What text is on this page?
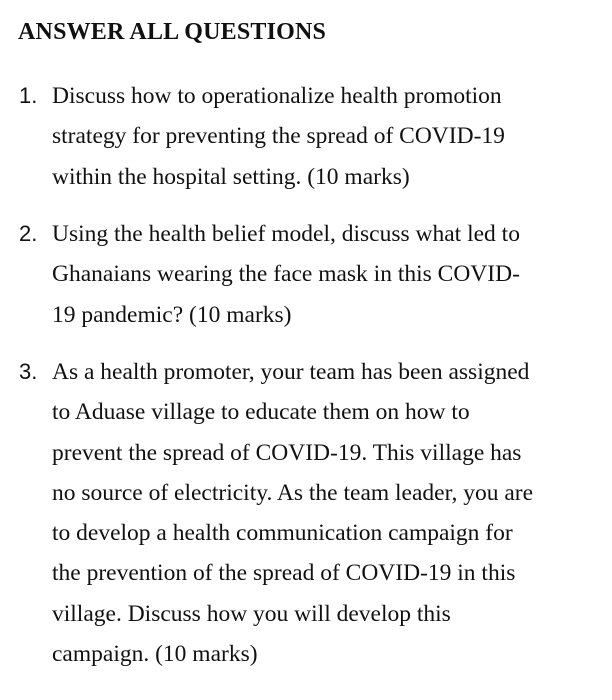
ANSWER ALL QUESTIONS
1. Discuss how to operationalize health promotion
strategy for preventing the spread of COVID-19
within the hospital setting. (10 marks)

2. Using the health belief model, discuss what led to
Ghanaians wearing the face mask in this COVID-
19 pandemic? (10 marks)

3. As a health promoter, your team has been assigned
to Aduase village to educate them on how to
prevent the spread of COVID-19. This village has
no source of electricity. As the team leader, you are
to develop a health communication campaign for
the prevention of the spread of COVID-19 in this
village. Discuss how you will develop this
campaign. (10 marks)
